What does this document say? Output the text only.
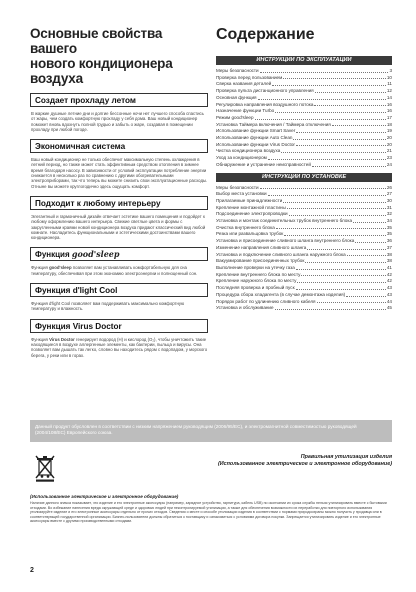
Основные свойства вашего
нового кондиционера воздуха
Создает прохладу летом
В жаркие душные летние дни и долгие бессонные ночи нет лучшего способа спастись от жары, чем создать комфортную прохладу у себя дома. Ваш новый кондиционер поможет вновь вдохнуть полной грудью и забыть о жаре, создавая в помещении прохладу при любой погоде.
Экономичная система
Ваш новый кондиционер не только обеспечит максимальную степень охлаждения в летний период, но также может стать эффективным средством отопления в зимнее время благодаря насосу. В зависимости от условий эксплуатации потребление энергии снижается в несколько раз по сравнению с другими обогревательными электроприборами, так что теперь вы можете снизить свои эксплуатационные расходы. Отныне вы можете круглогодично здесь ощущать комфорт.
Подходит к любому интерьеру
Элегантный и гармоничный дизайн отвечает эстетике вашего помещения и подойдет к любому оформлению вашего интерьера. Свежие светлые цвета и формы с закругленными краями новой кондиционера воздуха придают классический вид любой комнате. Насладитесь функциональными и эстетическими достоинствами вашего кондиционера.
Функция good'sleep
Функция good'sleep позволяет вам устанавливать комфортабельную для сна температуру, обеспечивая при этом экономию электроэнергии и полноценный сон.
Функция d'light Cool
Функция d'light Cool позволяет вам поддерживать максимально комфортную температуру и влажность.
Функция Virus Doctor
Функция Virus Doctor генерирует водород (H) и кислород (O₂), чтобы уничтожить такие находящиеся в воздухе аллергенные элементы, как бактерии, пыльца и вирусы. Она позволяет вам дышать так легко, словно вы находитесь рядом с водопадом, у морского берега, у реки или в горах.
Содержание
ИНСТРУКЦИИ ПО ЭКСПЛУАТАЦИИ
Меры безопасности	3
Проверка перед пользованием	10
Сверка названия деталей	11
Проверка пульта дистанционного управления	12
Основная функция	14
Регулировка направления воздушного потока	16
Назначение функции Turbo	16
Режим good'sleep	17
Установка Таймера включения / Таймера отключения	18
Использование функции Smart Saver	19
Использование функции Auto Clean	20
Использование функции Virus Doctor	20
Чистка кондиционера воздуха	21
Уход за кондиционером	23
Обнаружение и устранение неисправностей	24
ИНСТРУКЦИИ ПО УСТАНОВКЕ
Меры безопасности	26
Выбор места установки	27
Прилагаемые принадлежности	30
Крепление монтажной пластины	31
Подсоединение электропроводки	32
Установка и монтаж соединительных трубок внутреннего блока	34
Очистка внутреннего блока	35
Резка или развальцовка трубок	35
Установка и присоединение сливного шланга внутреннего блока	36
Изменение направления сливного шланга	37
Установка и подключение сливного шланга наружного блока	38
Вакуумирование присоединенных трубок	38
Выполнение проверки на утечку газа	41
Крепление внутреннего блока по месту	42
Крепление наружного блока по месту	42
Последняя проверка и пробный пуск	43
Процедура сбора хладагента (в случае демонтажа изделия)	43
Порядок работ по удлинению сливного кабеля	44
Установка и обслуживание	45
Данный продукт обусловлен в соответствии с низким напряжением руководящим (2006/95/EC), и электромагнитной совместимостью руководящей (2004/108/EC) Европейского союза.
Правильная утилизация изделия
(Использованное электрическое и электронное оборудование)
(Использованное электрическое и электронное оборудование)
Наличие данного значка показывает, что изделие и его электронные аксессуары (например, зарядное устройство, гарнитура, кабель USB) по окончании их срока службы нельзя утилизировать вместе с бытовыми отходами. Во избежание нанесения вреда окружающей среде и здоровью людей при неконтролируемой утилизации, а также для обеспечения возможности их переработки для повторного использования утилизируйте изделие и его электронные аксессуары отдельно от прочих отходов. Сведения о месте и способе утилизации изделия в соответствии с нормами природоохраны можно получить у продавца или в соответствующей государственной организации. Бизнес-пользователи должны обратиться к поставщику и ознакомиться с условиями договора покупки. Запрещается утилизировать изделие и его электронные аксессуары вместе с другими производственными отходами.
2
